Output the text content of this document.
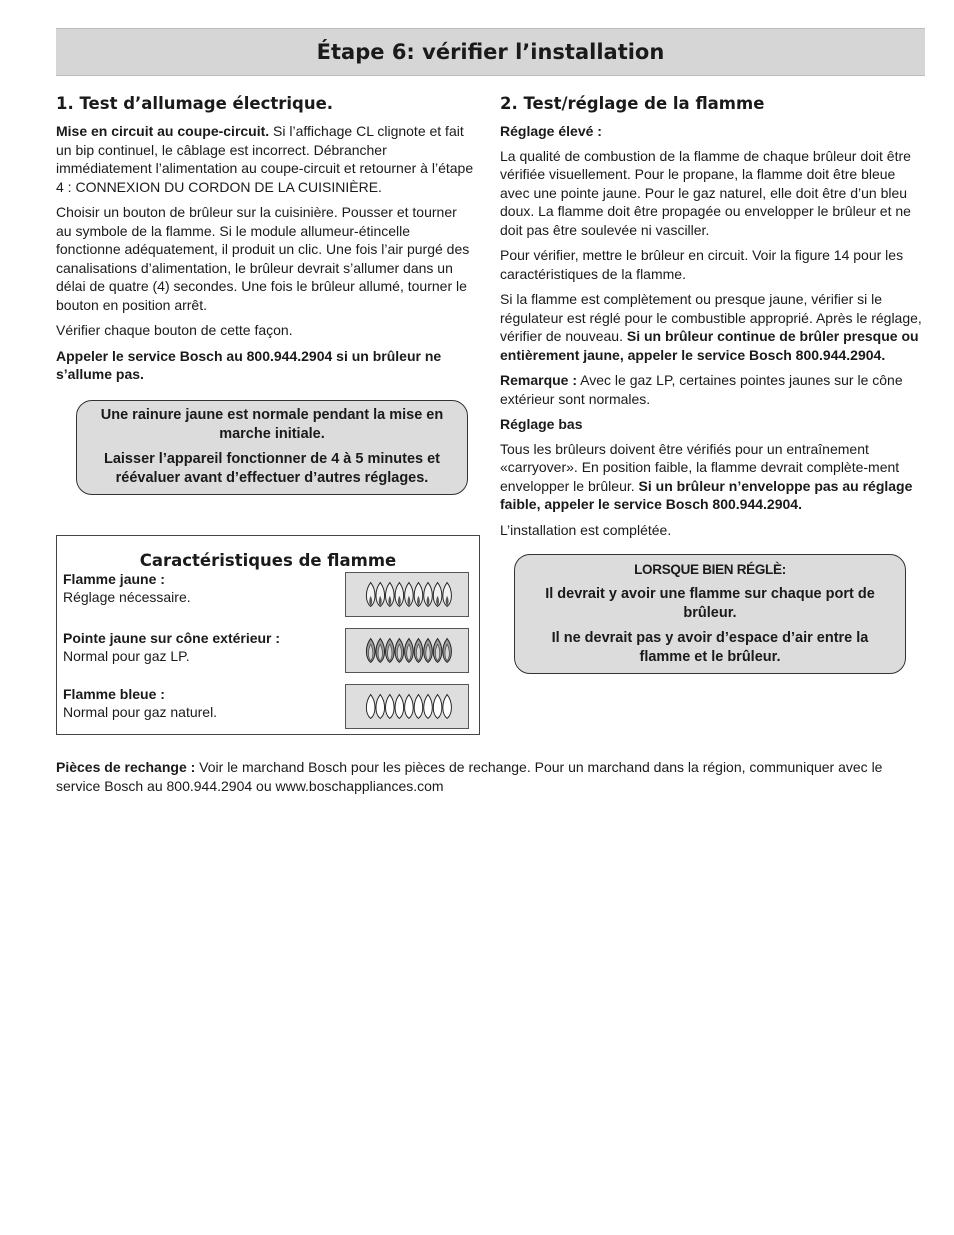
Étape 6: vérifier l’installation
1. Test d’allumage électrique.

Mise en circuit au coupe-circuit. Si l’affichage CL clignote et fait un bip continuel, le câblage est incorrect. Débrancher immédiatement l’alimentation au coupe-circuit et retourner à l’étape 4 : CONNEXION DU CORDON DE LA CUISINIÈRE.

Choisir un bouton de brûleur sur la cuisinière. Pousser et tourner au symbole de la flamme. Si le module allumeur-étincelle fonctionne adéquatement, il produit un clic. Une fois l’air purgé des canalisations d’alimentation, le brûleur devrait s’allumer dans un délai de quatre (4) secondes. Une fois le brûleur allumé, tourner le bouton en position arrêt.

Vérifier chaque bouton de cette façon.

Appeler le service Bosch au 800.944.2904 si un brûleur ne s’allume pas.

Une rainure jaune est normale pendant la mise en marche initiale.

Laisser l’appareil fonctionner de 4 à 5 minutes et réévaluer avant d’effectuer d’autres réglages.

Caractéristiques de flamme
Flamme jaune :
Réglage nécessaire.
Pointe jaune sur cône extérieur :
Normal pour gaz LP.
Flamme bleue :
Normal pour gaz naturel.
2. Test/réglage de la flamme

Réglage élevé :

La qualité de combustion de la flamme de chaque brûleur doit être vérifiée visuellement. Pour le propane, la flamme doit être bleue avec une pointe jaune. Pour le gaz naturel, elle doit être d’un bleu doux. La flamme doit être propagée ou envelopper le brûleur et ne doit pas être soulevée ni vasciller.

Pour vérifier, mettre le brûleur en circuit. Voir la figure 14 pour les caractéristiques de la flamme.

Si la flamme est complètement ou presque jaune, vérifier si le régulateur est réglé pour le combustible approprié. Après le réglage, vérifier de nouveau. Si un brûleur continue de brûler presque ou entièrement jaune, appeler le service Bosch 800.944.2904.

Remarque : Avec le gaz LP, certaines pointes jaunes sur le cône extérieur sont normales.

Réglage bas

Tous les brûleurs doivent être vérifiés pour un entraînement «carryover». En position faible, la flamme devrait complète-ment envelopper le brûleur. Si un brûleur n’enveloppe pas au réglage faible, appeler le service Bosch 800.944.2904.

L’installation est complétée.

LORSQUE BIEN RÉGLÈ:

Il devrait y avoir une flamme sur chaque port de brûleur.

Il ne devrait pas y avoir d’espace d’air entre la flamme et le brûleur.

Pièces de rechange : Voir le marchand Bosch pour les pièces de rechange. Pour un marchand dans la région, communiquer avec le service Bosch au 800.944.2904 ou www.boschappliances.com
